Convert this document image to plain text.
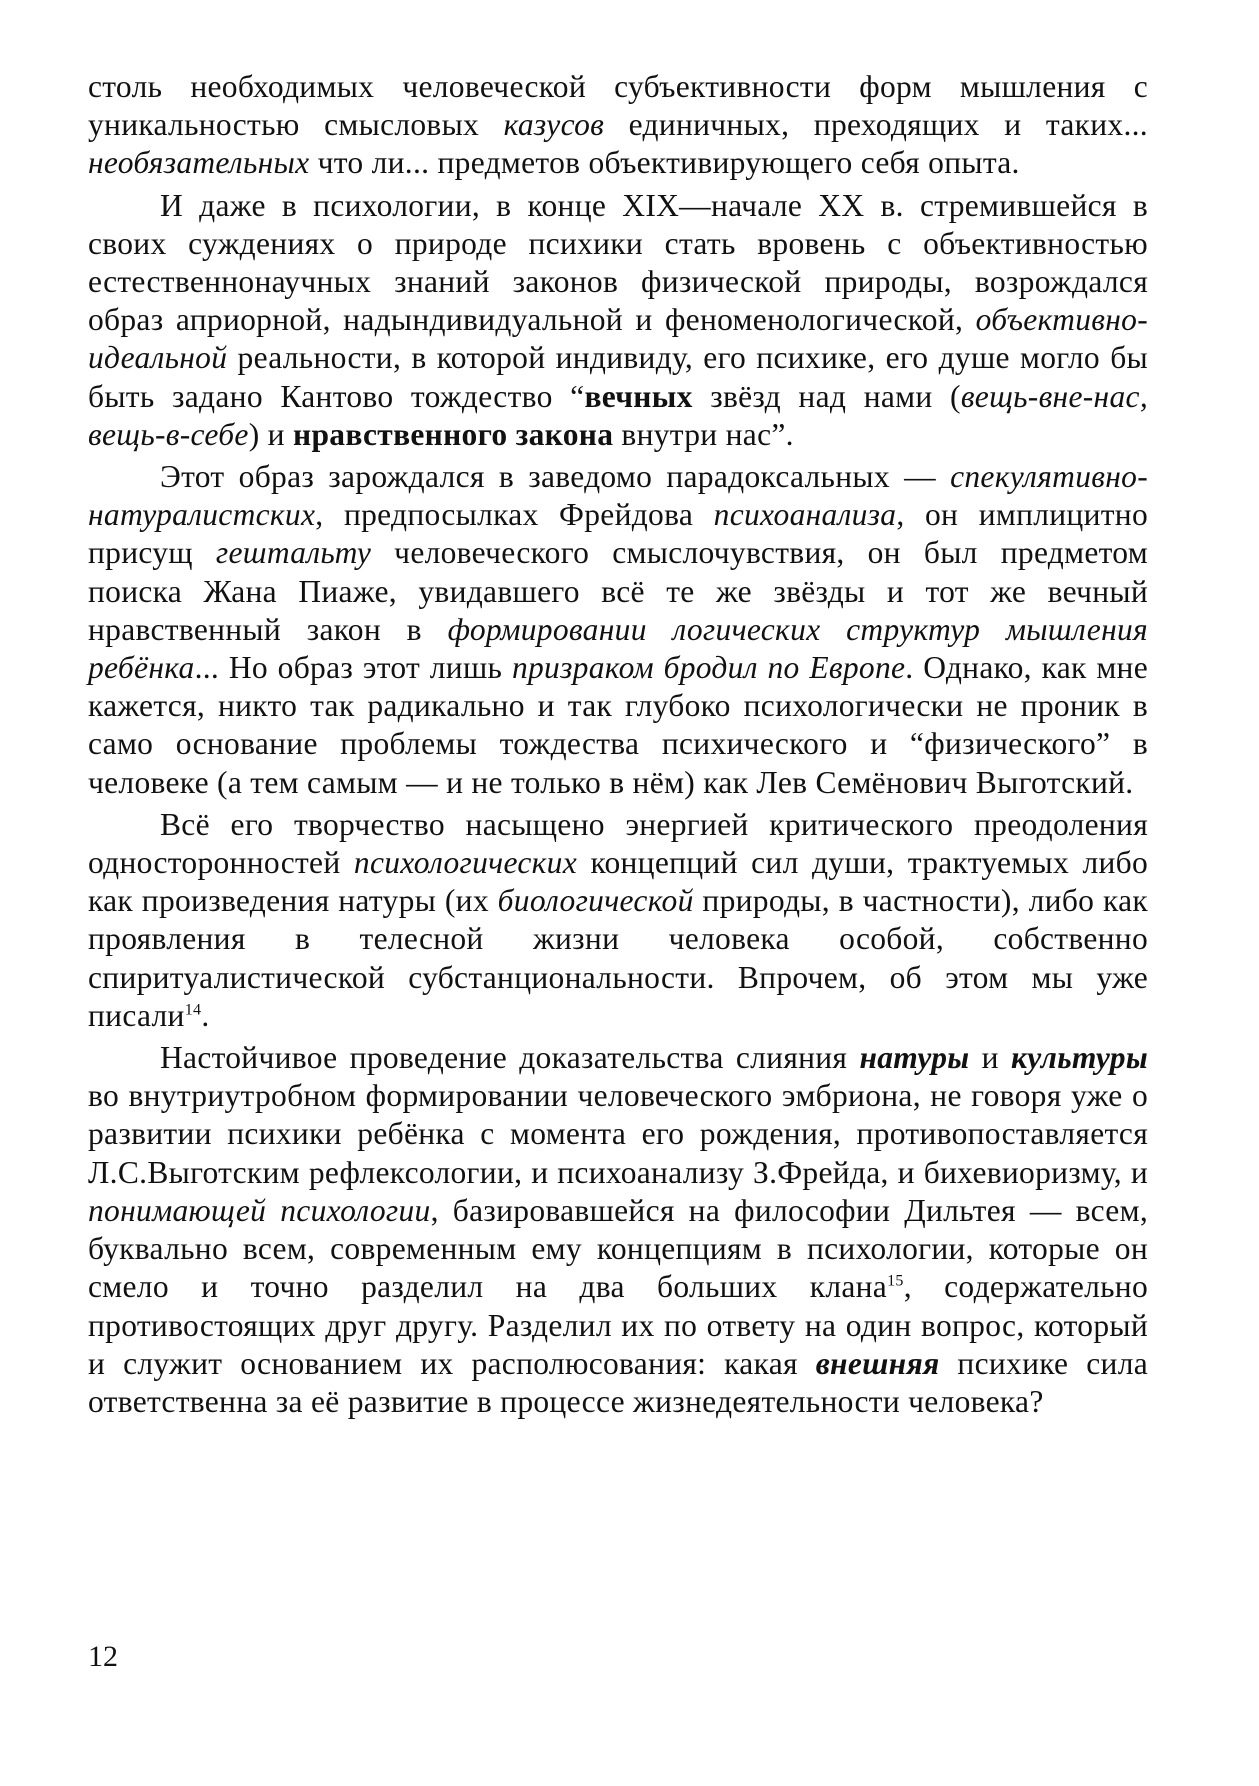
столь необходимых человеческой субъективности форм мышления с уникальностью смысловых казусов единичных, преходящих и таких... необязательных что ли... предметов объективирующего себя опыта.

И даже в психологии, в конце XIX—начале XX в. стремившейся в своих суждениях о природе психики стать вровень с объективностью естественнонаучных знаний законов физической природы, возрождался образ априорной, надындивидуальной и феноменологической, объективно-идеальной реальности, в которой индивиду, его психике, его душе могло бы быть задано Кантово тождество “вечных звёзд над нами (вещь-вне-нас, вещь-в-себе) и нравственного закона внутри нас”.

Этот образ зарождался в заведомо парадоксальных — спекулятивно- натуралистских, предпосылках Фрейдова психоанализа, он имплицитно присущ гештальту человеческого смыслочувствия, он был предметом поиска Жана Пиаже, увидавшего всё те же звёзды и тот же вечный нравственный закон в формировании логических структур мышления ребёнка... Но образ этот лишь призраком бродил по Европе. Однако, как мне кажется, никто так радикально и так глубоко психологически не проник в само основание проблемы тождества психического и “физического” в человеке (а тем самым — и не только в нём) как Лев Семёнович Выготский.

Всё его творчество насыщено энергией критического преодоления односторонностей психологических концепций сил души, трактуемых либо как произведения натуры (их биологической природы, в частности), либо как проявления в телесной жизни человека особой, собственно спиритуалистической субстанциональности. Впрочем, об этом мы уже писали$^{14}$.

Настойчивое проведение доказательства слияния натуры и культуры во внутриутробном формировании человеческого эмбриона, не говоря уже о развитии психики ребёнка с момента его рождения, противопоставляется Л.С.Выготским рефлексологии, и психоанализу З.Фрейда, и бихевиоризму, и понимающей психологии, базировавшейся на философии Дильтея — всем, буквально всем, современным ему концепциям в психологии, которые он смело и точно разделил на два больших клана$^{15}$, содержательно противостоящих друг другу. Разделил их по ответу на один вопрос, который и служит основанием их располюсования: какая внешняя психике сила ответственна за её развитие в процессе жизнедеятельности человека?

12
